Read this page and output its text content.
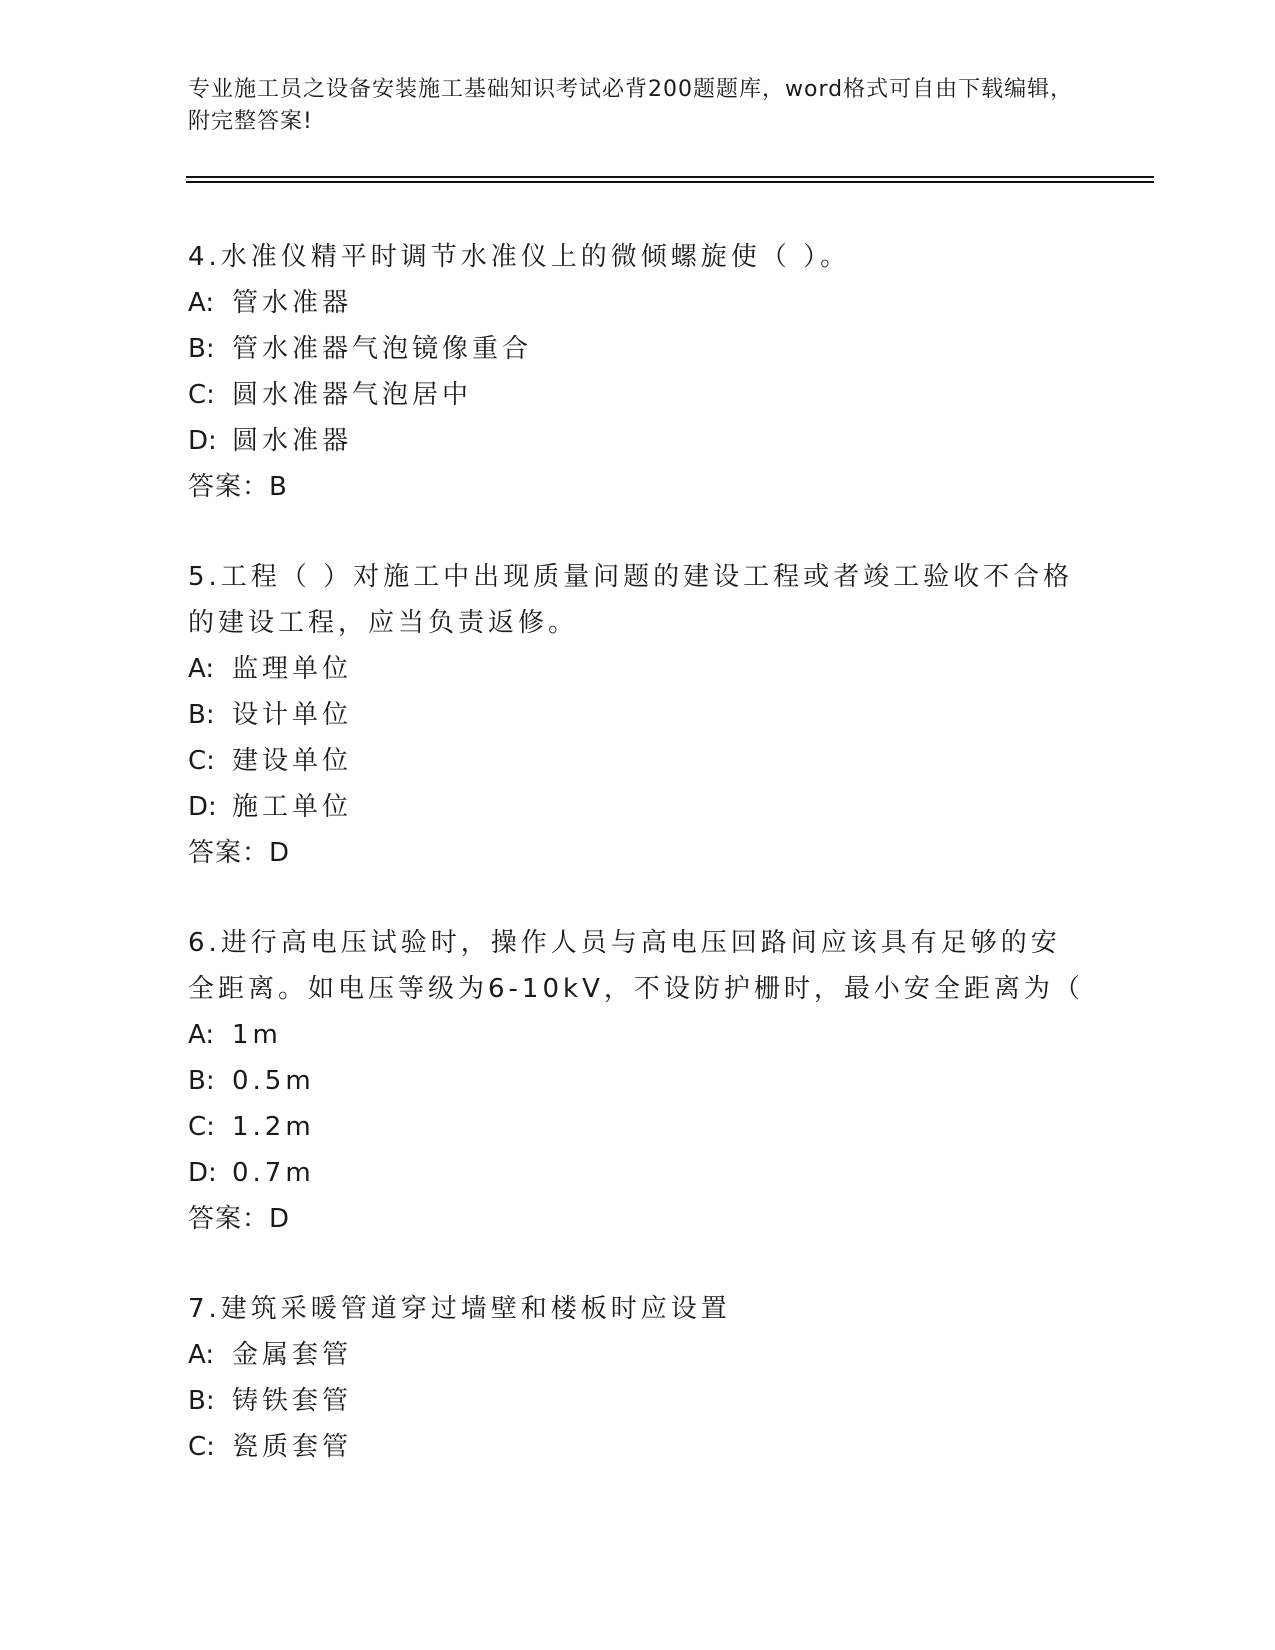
专业施工员之设备安装施工基础知识考试必背200题题库，word格式可自由下载编辑，附完整答案!

4.水准仪精平时调节水准仪上的微倾螺旋使（ ）。

A: 管水准器

B: 管水准器气泡镜像重合

C: 圆水准器气泡居中

D: 圆水准器

答案：B

5.工程（ ）对施工中出现质量问题的建设工程或者竣工验收不合格的建设工程，应当负责返修。

A: 监理单位

B: 设计单位

C: 建设单位

D: 施工单位

答案：D

6.进行高电压试验时，操作人员与高电压回路间应该具有足够的安全距离。如电压等级为6-10kV，不设防护栅时，最小安全距离为（

A: 1m

B: 0.5m

C: 1.2m

D: 0.7m

答案：D

7.建筑采暖管道穿过墙壁和楼板时应设置

A: 金属套管

B: 铸铁套管

C: 瓷质套管
